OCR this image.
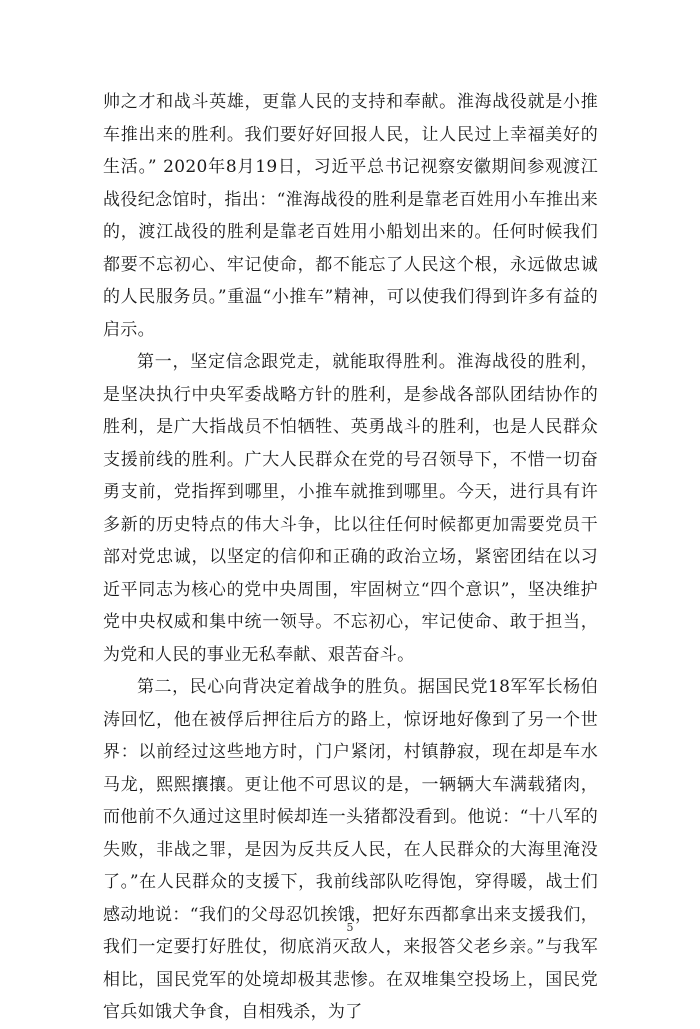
帅之才和战斗英雄，更靠人民的支持和奉献。淮海战役就是小推车推出来的胜利。我们要好好回报人民，让人民过上幸福美好的生活。” 2020年8月19日，习近平总书记视察安徽期间参观渡江战役纪念馆时，指出：“淮海战役的胜利是靠老百姓用小车推出来的，渡江战役的胜利是靠老百姓用小船划出来的。任何时候我们都要不忘初心、牢记使命，都不能忘了人民这个根，永远做忠诚的人民服务员。”重温“小推车”精神，可以使我们得到许多有益的启示。

第一，坚定信念跟党走，就能取得胜利。淮海战役的胜利，是坚决执行中央军委战略方针的胜利，是参战各部队团结协作的胜利，是广大指战员不怕牺牲、英勇战斗的胜利，也是人民群众支援前线的胜利。广大人民群众在党的号召领导下，不惜一切奋勇支前，党指挥到哪里，小推车就推到哪里。今天，进行具有许多新的历史特点的伟大斗争，比以往任何时候都更加需要党员干部对党忠诚，以坚定的信仰和正确的政治立场，紧密团结在以习近平同志为核心的党中央周围，牢固树立“四个意识”，坚决维护党中央权威和集中统一领导。不忘初心，牢记使命、敢于担当，为党和人民的事业无私奉献、艰苦奋斗。

第二，民心向背决定着战争的胜负。据国民党18军军长杨伯涛回忆，他在被俘后押往后方的路上，惊讶地好像到了另一个世界：以前经过这些地方时，门户紧闭，村镇静寂，现在却是车水马龙，熙熙攘攘。更让他不可思议的是，一辆辆大车满载猪肉，而他前不久通过这里时候却连一头猪都没看到。他说：“十八军的失败，非战之罪，是因为反共反人民，在人民群众的大海里淹没了。”在人民群众的支援下，我前线部队吃得饱，穿得暖，战士们感动地说：“我们的父母忍饥挨饿，把好东西都拿出来支援我们，我们一定要打好胜仗，彻底消灭敌人，来报答父老乡亲。”与我军相比，国民党军的处境却极其悲惨。在双堆集空投场上，国民党官兵如饿犬争食，自相残杀，为了

5
